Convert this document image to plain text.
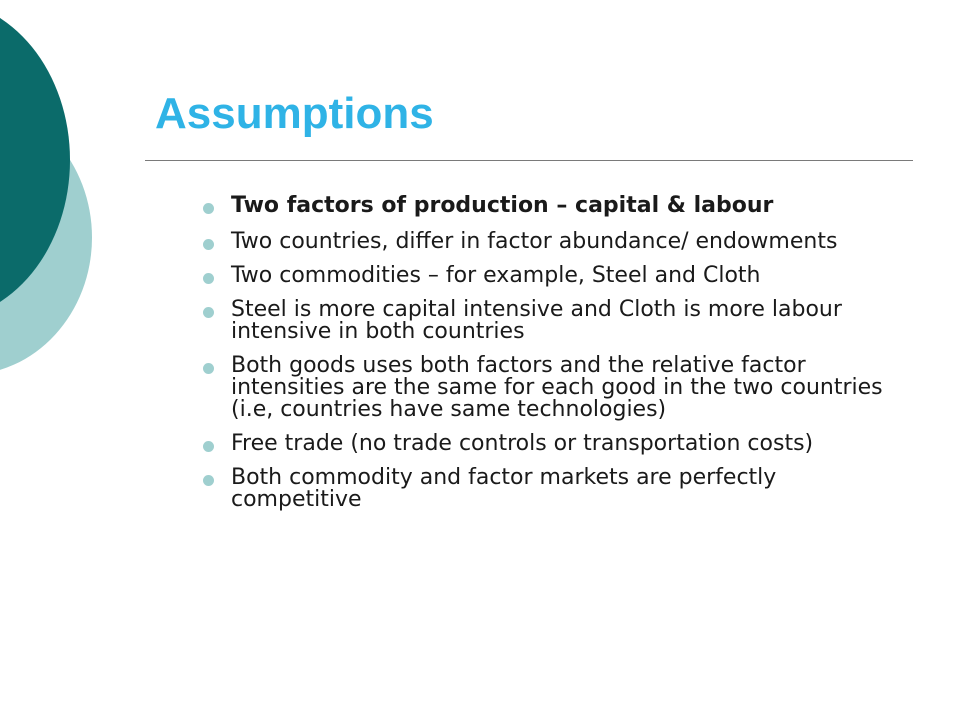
Assumptions
Two factors of production – capital & labour
Two countries, differ in factor abundance/ endowments
Two commodities – for example, Steel and Cloth
Steel is more capital intensive and Cloth is more labour intensive in both countries
Both goods uses both factors and the relative factor intensities are the same for each good in the two countries (i.e, countries have same technologies)
Free trade (no trade controls or transportation costs)
Both commodity and factor markets are perfectly competitive
